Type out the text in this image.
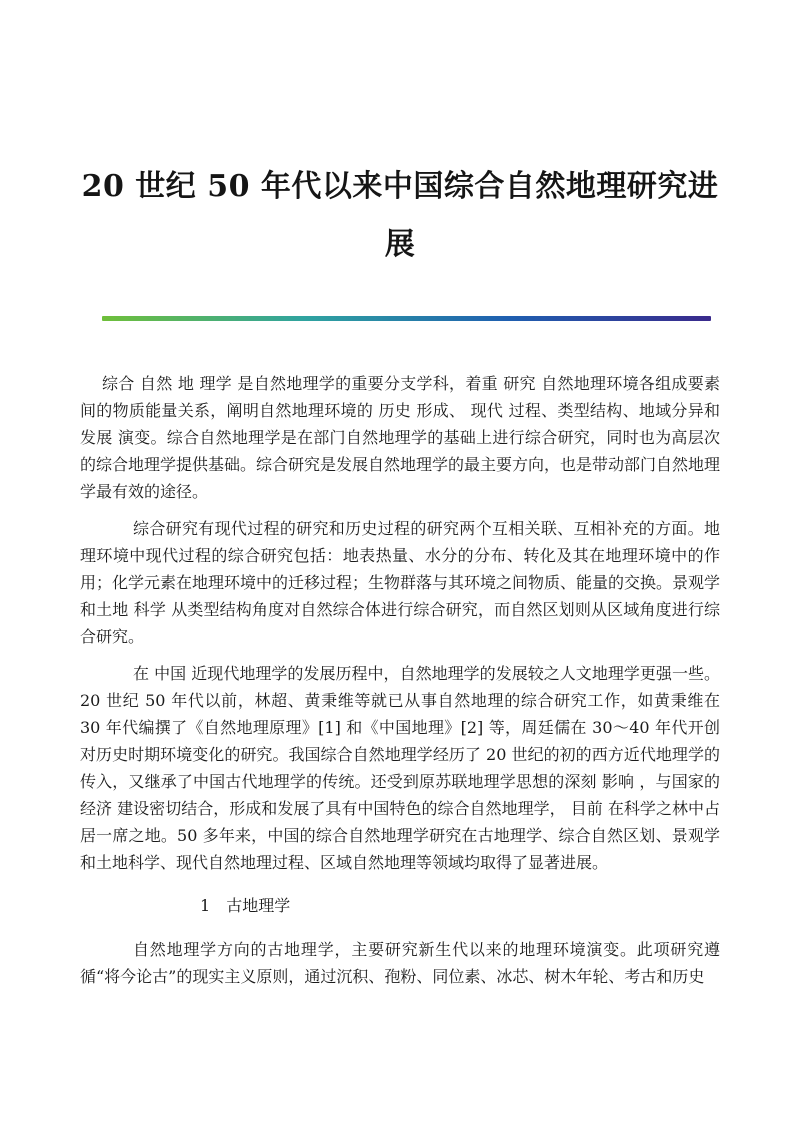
20 世纪 50 年代以来中国综合自然地理研究进展

综合 自然 地 理学 是自然地理学的重要分支学科，着重 研究 自然地理环境各组成要素间的物质能量关系，阐明自然地理环境的 历史 形成、 现代 过程、类型结构、地域分异和 发展 演变。综合自然地理学是在部门自然地理学的基础上进行综合研究，同时也为高层次的综合地理学提供基础。综合研究是发展自然地理学的最主要方向，也是带动部门自然地理学最有效的途径。

综合研究有现代过程的研究和历史过程的研究两个互相关联、互相补充的方面。地理环境中现代过程的综合研究包括：地表热量、水分的分布、转化及其在地理环境中的作用；化学元素在地理环境中的迁移过程；生物群落与其环境之间物质、能量的交换。景观学和土地 科学 从类型结构角度对自然综合体进行综合研究，而自然区划则从区域角度进行综合研究。

在 中国 近现代地理学的发展历程中，自然地理学的发展较之人文地理学更强一些。20 世纪 50 年代以前，林超、黄秉维等就已从事自然地理的综合研究工作，如黄秉维在 30 年代编撰了《自然地理原理》[1] 和《中国地理》[2] 等，周廷儒在 30～40 年代开创对历史时期环境变化的研究。我国综合自然地理学经历了 20 世纪的初的西方近代地理学的传入，又继承了中国古代地理学的传统。还受到原苏联地理学思想的深刻 影响 ，与国家的经济 建设密切结合，形成和发展了具有中国特色的综合自然地理学， 目前 在科学之林中占居一席之地。50 多年来，中国的综合自然地理学研究在古地理学、综合自然区划、景观学和土地科学、现代自然地理过程、区域自然地理等领域均取得了显著进展。

1 古地理学

自然地理学方向的古地理学，主要研究新生代以来的地理环境演变。此项研究遵循“将今论古”的现实主义原则，通过沉积、孢粉、同位素、冰芯、树木年轮、考古和历史
